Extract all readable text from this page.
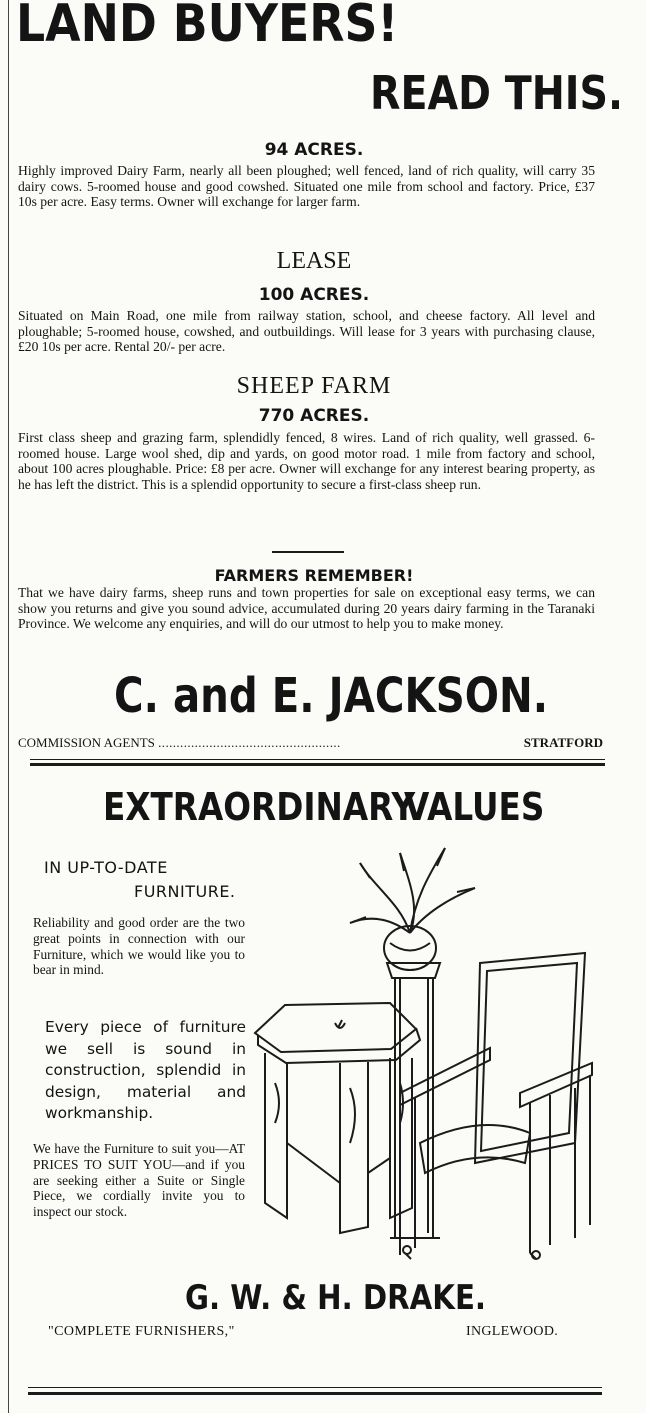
LAND BUYERS!
READ THIS.
94 ACRES.

Highly improved Dairy Farm, nearly all been ploughed; well fenced, land of rich quality, will carry 35 dairy cows. 5-roomed house and good cowshed. Situated one mile from school and factory. Price, £37 10s per acre. Easy terms. Owner will exchange for larger farm.

LEASE
100 ACRES.

Situated on Main Road, one mile from railway station, school, and cheese factory. All level and ploughable; 5-roomed house, cowshed, and outbuildings. Will lease for 3 years with purchasing clause, £20 10s per acre. Rental 20/- per acre.

SHEEP FARM
770 ACRES.

First class sheep and grazing farm, splendidly fenced, 8 wires. Land of rich quality, well grassed. 6-roomed house. Large wool shed, dip and yards, on good motor road. 1 mile from factory and school, about 100 acres ploughable. Price: £8 per acre. Owner will exchange for any interest bearing property, as he has left the district. This is a splendid opportunity to secure a first-class sheep run.

FARMERS REMEMBER!

That we have dairy farms, sheep runs and town properties for sale on exceptional easy terms, we can show you returns and give you sound advice, accumulated during 20 years dairy farming in the Taranaki Province. We welcome any enquiries, and will do our utmost to help you to make money.

C. and E. JACKSON.
COMMISSION AGENTS ..................................................	STRATFORD
EXTRAORDINARY
VALUES
IN UP-TO-DATE
FURNITURE.

Reliability and good order are the two great points in connection with our Furniture, which we would like you to bear in mind.

Every piece of furniture we sell is sound in construction, splendid in design, material and workmanship.

We have the Furniture to suit you—AT PRICES TO SUIT YOU—and if you are seeking either a Suite or Single Piece, we cordially invite you to inspect our stock.

G. W. & H. DRAKE.
"COMPLETE FURNISHERS,"	INGLEWOOD.
